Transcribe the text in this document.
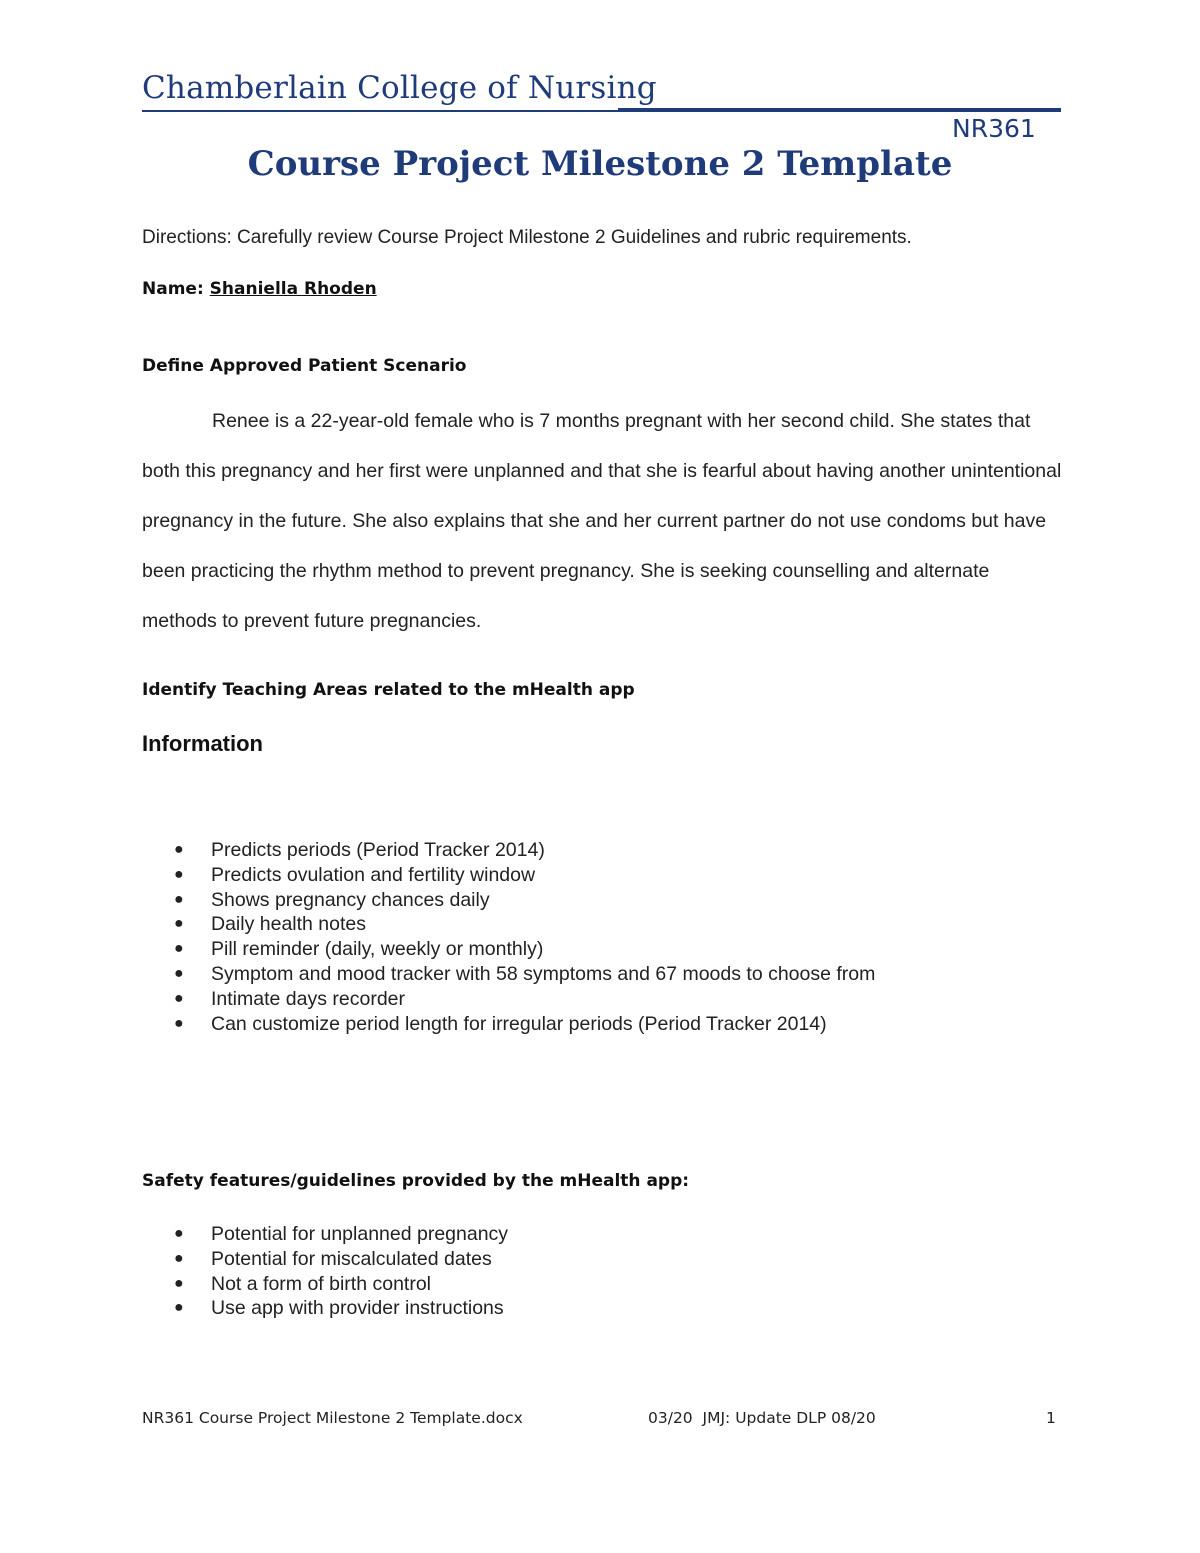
Chamberlain College of Nursing
NR361
Course Project Milestone 2 Template
Directions: Carefully review Course Project Milestone 2 Guidelines and rubric requirements.
Name: Shaniella Rhoden
Define Approved Patient Scenario

Renee is a 22-year-old female who is 7 months pregnant with her second child. She states that both this pregnancy and her first were unplanned and that she is fearful about having another unintentional pregnancy in the future. She also explains that she and her current partner do not use condoms but have been practicing the rhythm method to prevent pregnancy. She is seeking counselling and alternate methods to prevent future pregnancies.

Identify Teaching Areas related to the mHealth app
Information
● Predicts periods (Period Tracker 2014)
● Predicts ovulation and fertility window
● Shows pregnancy chances daily
● Daily health notes
● Pill reminder (daily, weekly or monthly)
● Symptom and mood tracker with 58 symptoms and 67 moods to choose from
● Intimate days recorder
● Can customize period length for irregular periods (Period Tracker 2014)
Safety features/guidelines provided by the mHealth app:
● Potential for unplanned pregnancy
● Potential for miscalculated dates
● Not a form of birth control
● Use app with provider instructions
NR361 Course Project Milestone 2 Template.docx	03/20  JMJ: Update DLP 08/20	1
